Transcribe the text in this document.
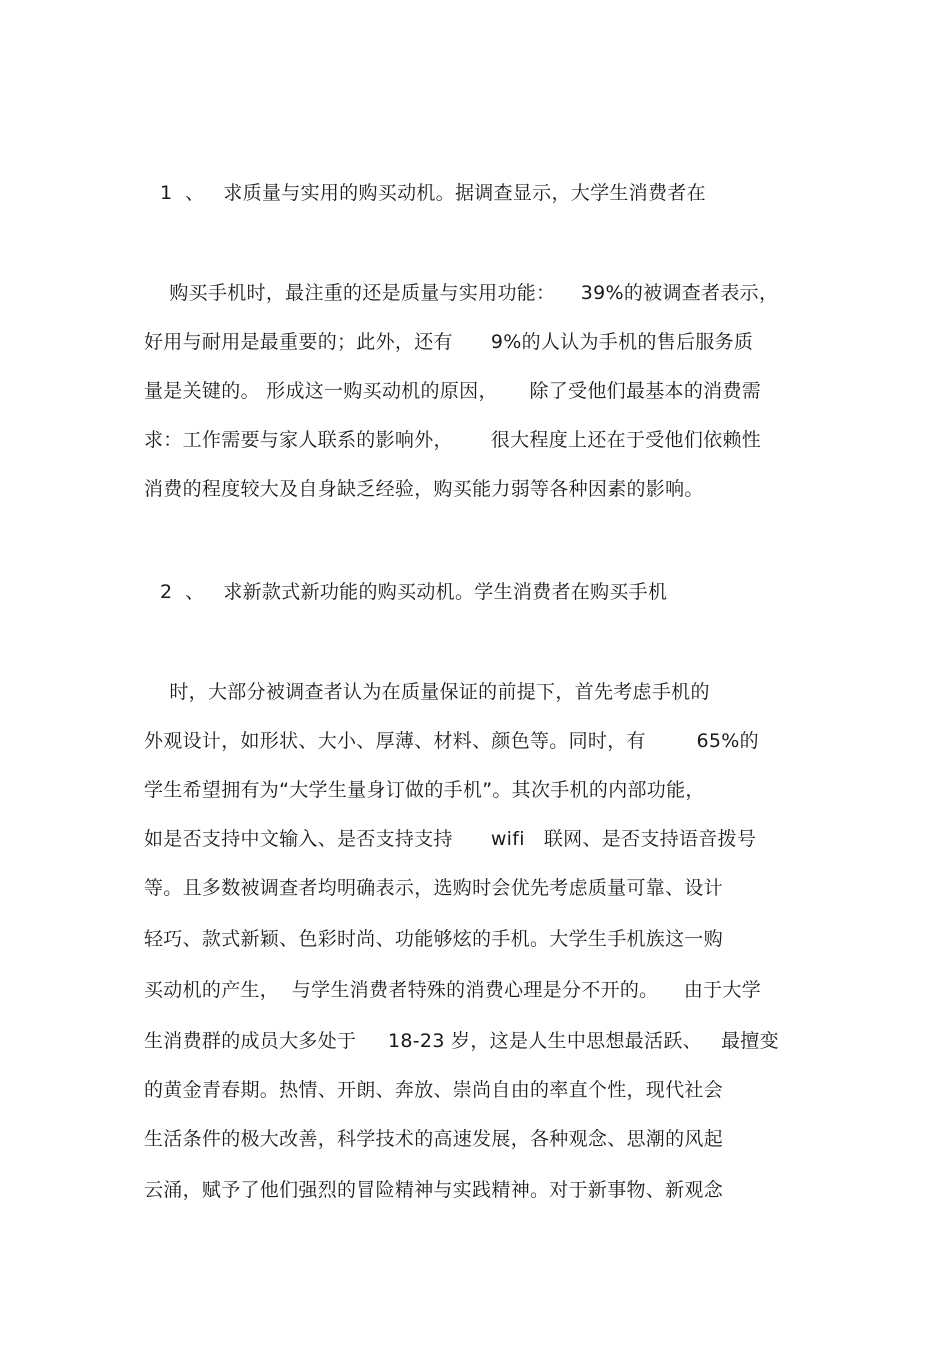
1  、   求质量与实用的购买动机。据调查显示，大学生消费者在
购买手机时，最注重的还是质量与实用功能：    39%的被调查者表示，
好用与耐用是最重要的；此外，还有      9%的人认为手机的售后服务质
量是关键的。 形成这一购买动机的原因，     除了受他们最基本的消费需
求：工作需要与家人联系的影响外，      很大程度上还在于受他们依赖性
消费的程度较大及自身缺乏经验，购买能力弱等各种因素的影响。
2  、   求新款式新功能的购买动机。学生消费者在购买手机
时，大部分被调查者认为在质量保证的前提下，首先考虑手机的
外观设计，如形状、大小、厚薄、材料、颜色等。同时，有        65%的
学生希望拥有为“大学生量身订做的手机”。其次手机的内部功能，
如是否支持中文输入、是否支持支持      wifi   联网、是否支持语音拨号
等。且多数被调查者均明确表示，选购时会优先考虑质量可靠、设计
轻巧、款式新颖、色彩时尚、功能够炫的手机。大学生手机族这一购
买动机的产生，  与学生消费者特殊的消费心理是分不开的。    由于大学
生消费群的成员大多处于     18-23 岁，这是人生中思想最活跃、   最擅变
的黄金青春期。热情、开朗、奔放、崇尚自由的率直个性，现代社会
生活条件的极大改善，科学技术的高速发展，各种观念、思潮的风起
云涌，赋予了他们强烈的冒险精神与实践精神。对于新事物、新观念
